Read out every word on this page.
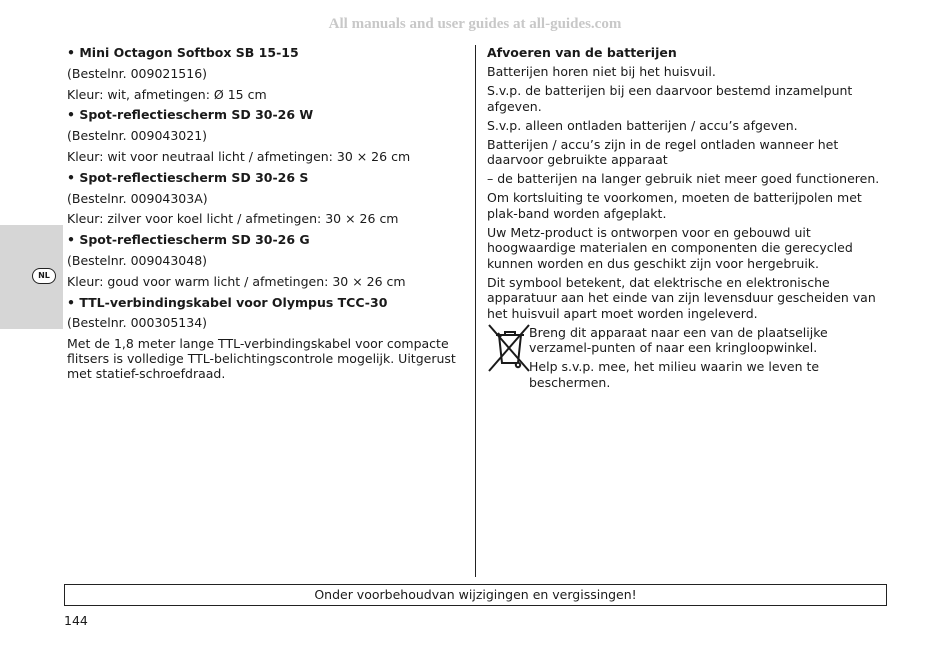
All manuals and user guides at all-guides.com
NL

• Mini Octagon Softbox SB 15-15

(Bestelnr. 009021516)

Kleur: wit, afmetingen: Ø 15 cm

• Spot-reflectiescherm SD 30-26 W

(Bestelnr. 009043021)

Kleur: wit voor neutraal licht / afmetingen: 30 × 26 cm

• Spot-reflectiescherm SD 30-26 S

(Bestelnr. 00904303A)

Kleur: zilver voor koel licht / afmetingen: 30 × 26 cm

• Spot-reflectiescherm SD 30-26 G

(Bestelnr. 009043048)

Kleur: goud voor warm licht / afmetingen: 30 × 26 cm

• TTL-verbindingskabel voor Olympus TCC-30

(Bestelnr. 000305134)

Met de 1,8 meter lange TTL-verbindingskabel voor compacte flitsers is volledige TTL-belichtingscontrole mogelijk. Uitgerust met statief-schroefdraad.

Afvoeren van de batterijen

Batterijen horen niet bij het huisvuil.

S.v.p. de batterijen bij een daarvoor bestemd inzamelpunt afgeven.

S.v.p. alleen ontladen batterijen / accu’s afgeven.

Batterijen / accu’s zijn in de regel ontladen wanneer het daarvoor gebruikte apparaat

– de batterijen na langer gebruik niet meer goed functioneren.

Om kortsluiting te voorkomen, moeten de batterijpolen met plak-band worden afgeplakt.

Uw Metz-product is ontworpen voor en gebouwd uit hoogwaardige materialen en componenten die gerecycled kunnen worden en dus geschikt zijn voor hergebruik.

Dit symbool betekent, dat elektrische en elektronische apparatuur aan het einde van zijn levensduur gescheiden van het huisvuil apart moet worden ingeleverd.

Breng dit apparaat naar een van de plaatselijke verzamel-punten of naar een kringloopwinkel.

Help s.v.p. mee, het milieu waarin we leven te beschermen.

Onder voorbehoudvan wijzigingen en vergissingen!
144
